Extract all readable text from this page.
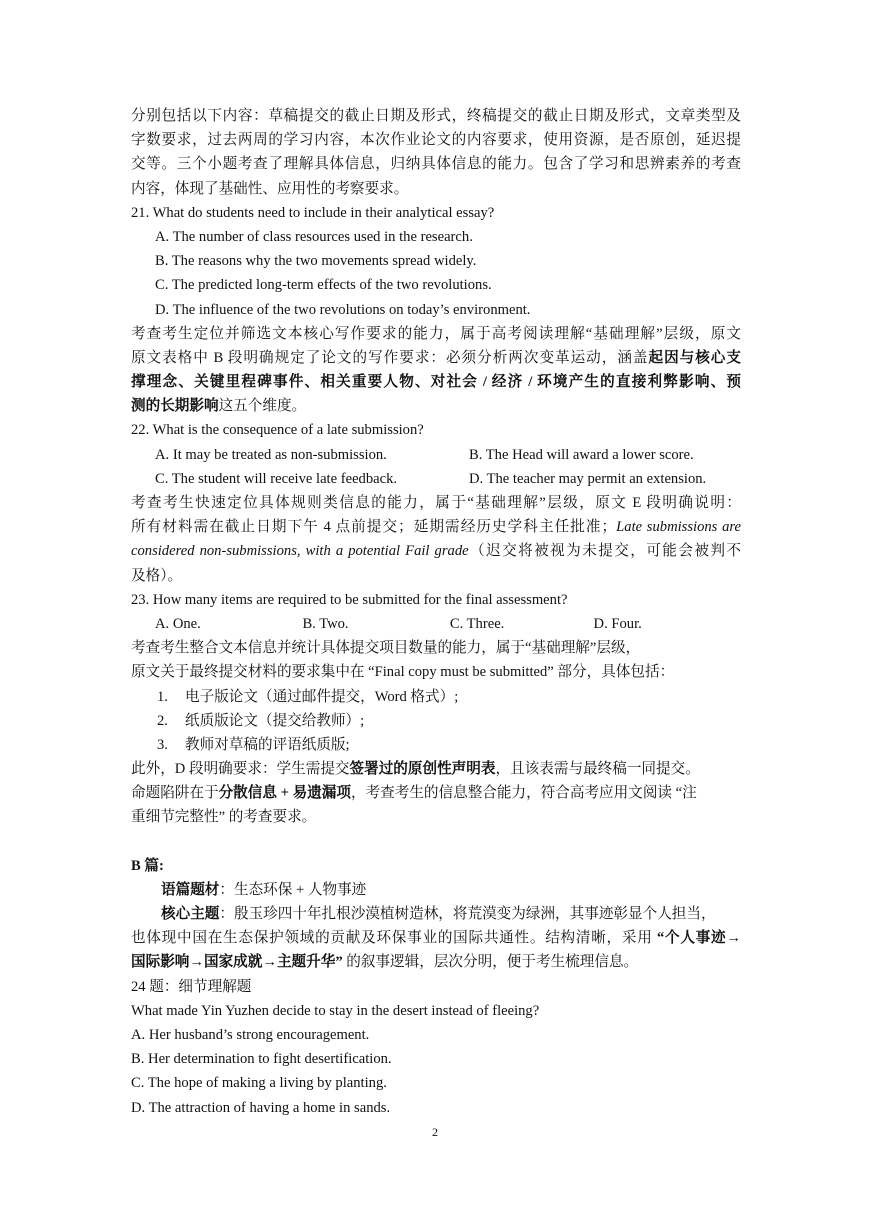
分别包括以下内容：草稿提交的截止日期及形式，终稿提交的截止日期及形式，文章类型及
字数要求，过去两周的学习内容，本次作业论文的内容要求，使用资源，是否原创，延迟提
交等。三个小题考查了理解具体信息，归纳具体信息的能力。包含了学习和思辨素养的考查
内容，体现了基础性、应用性的考察要求。
21. What do students need to include in their analytical essay?
A. The number of class resources used in the research.
B. The reasons why the two movements spread widely.
C. The predicted long-term effects of the two revolutions.
D. The influence of the two revolutions on today’s environment.
考查考生定位并筛选文本核心写作要求的能力，属于高考阅读理解“基础理解”层级，原文
原文表格中 B 段明确规定了论文的写作要求：必须分析两次变革运动，涵盖起因与核心支
撑理念、关键里程碑事件、相关重要人物、对社会 / 经济 / 环境产生的直接利弊影响、预
测的长期影响这五个维度。
22. What is the consequence of a late submission?
A. It may be treated as non-submission.	B. The Head will award a lower score.
C. The student will receive late feedback.	D. The teacher may permit an extension.
考查考生快速定位具体规则类信息的能力，属于“基础理解”层级，原文 E 段明确说明：
所有材料需在截止日期下午 4 点前提交；延期需经历史学科主任批准；Late submissions are
considered non-submissions, with a potential Fail grade（迟交将被视为未提交，可能会被判不
及格）。
23. How many items are required to be submitted for the final assessment?
A. One.	B. Two.	C. Three.	D. Four.
考查考生整合文本信息并统计具体提交项目数量的能力，属于“基础理解”层级，
原文关于最终提交材料的要求集中在 “Final copy must be submitted” 部分，具体包括：
1. 电子版论文（通过邮件提交，Word 格式）;
2. 纸质版论文（提交给教师）;
3. 教师对草稿的评语纸质版;
此外，D 段明确要求：学生需提交签署过的原创性声明表，且该表需与最终稿一同提交。
命题陷阱在于分散信息 + 易遗漏项，考查考生的信息整合能力，符合高考应用文阅读 “注
重细节完整性” 的考查要求。
B 篇:
语篇题材：生态环保 + 人物事迹
核心主题：殷玉珍四十年扎根沙漠植树造林，将荒漠变为绿洲，其事迹彰显个人担当，
也体现中国在生态保护领域的贡献及环保事业的国际共通性。结构清晰，采用 “个人事迹→
国际影响→国家成就→主题升华” 的叙事逻辑，层次分明，便于考生梳理信息。
24 题：细节理解题
What made Yin Yuzhen decide to stay in the desert instead of fleeing?
A. Her husband’s strong encouragement.
B. Her determination to fight desertification.
C. The hope of making a living by planting.
D. The attraction of having a home in sands.
2
